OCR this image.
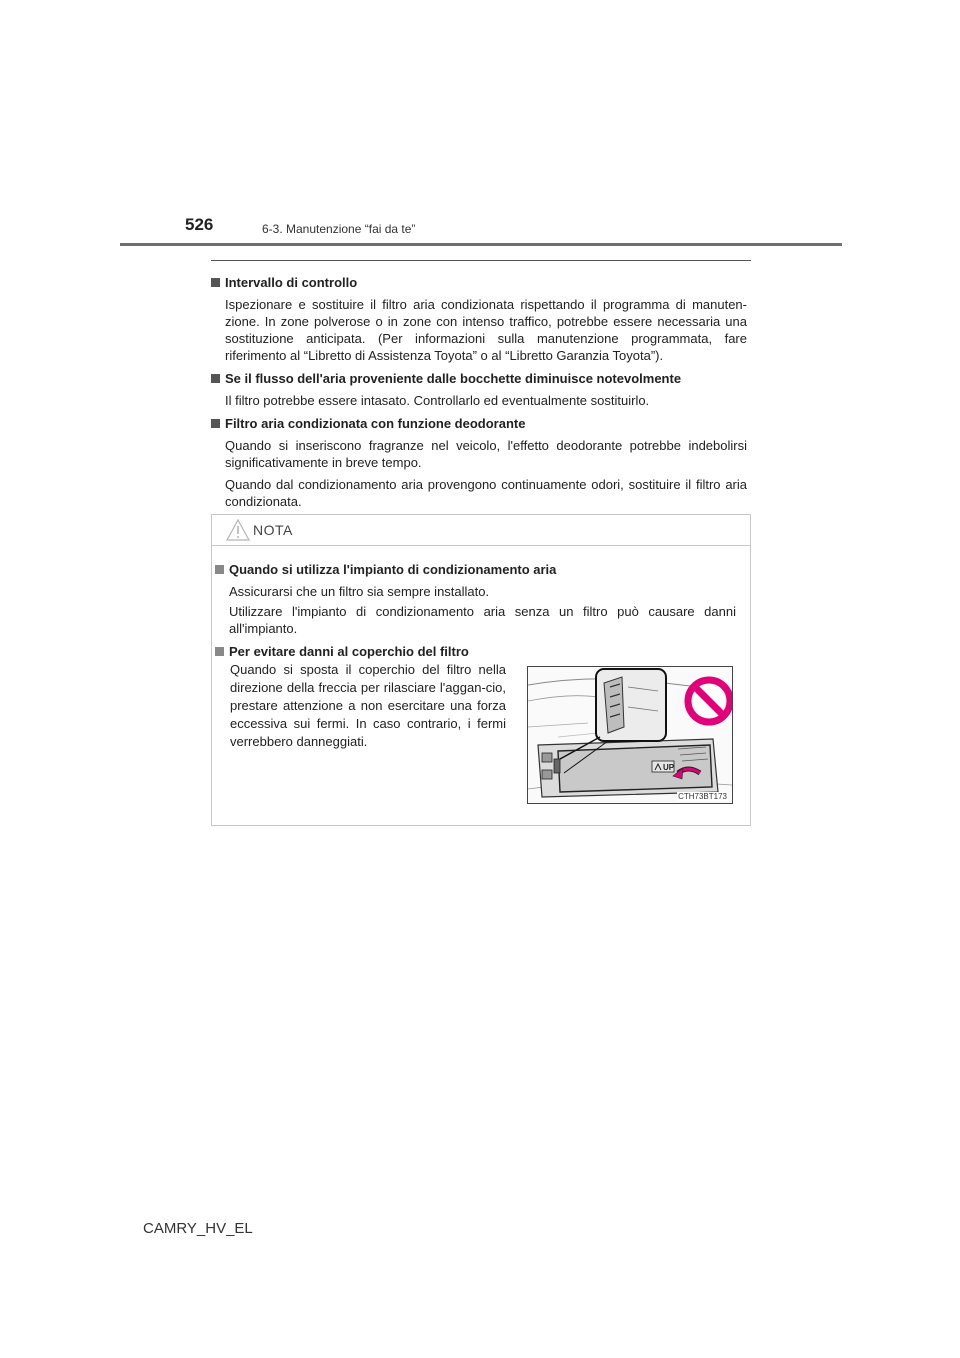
526	6-3. Manutenzione “fai da te”
Intervallo di controllo
Ispezionare e sostituire il filtro aria condizionata rispettando il programma di manuten-zione. In zone polverose o in zone con intenso traffico, potrebbe essere necessaria una sostituzione anticipata. (Per informazioni sulla manutenzione programmata, fare riferimento al “Libretto di Assistenza Toyota” o al “Libretto Garanzia Toyota”).
Se il flusso dell'aria proveniente dalle bocchette diminuisce notevolmente
Il filtro potrebbe essere intasato. Controllarlo ed eventualmente sostituirlo.
Filtro aria condizionata con funzione deodorante
Quando si inseriscono fragranze nel veicolo, l'effetto deodorante potrebbe indebolirsi significativamente in breve tempo.
Quando dal condizionamento aria provengono continuamente odori, sostituire il filtro aria condizionata.
NOTA
Quando si utilizza l'impianto di condizionamento aria
Assicurarsi che un filtro sia sempre installato.
Utilizzare l'impianto di condizionamento aria senza un filtro può causare danni all'impianto.
Per evitare danni al coperchio del filtro
Quando si sposta il coperchio del filtro nella direzione della freccia per rilasciare l'aggan-cio, prestare attenzione a non esercitare una forza eccessiva sui fermi. In caso contrario, i fermi verrebbero danneggiati.
UP
CTH73BT173
CAMRY_HV_EL
